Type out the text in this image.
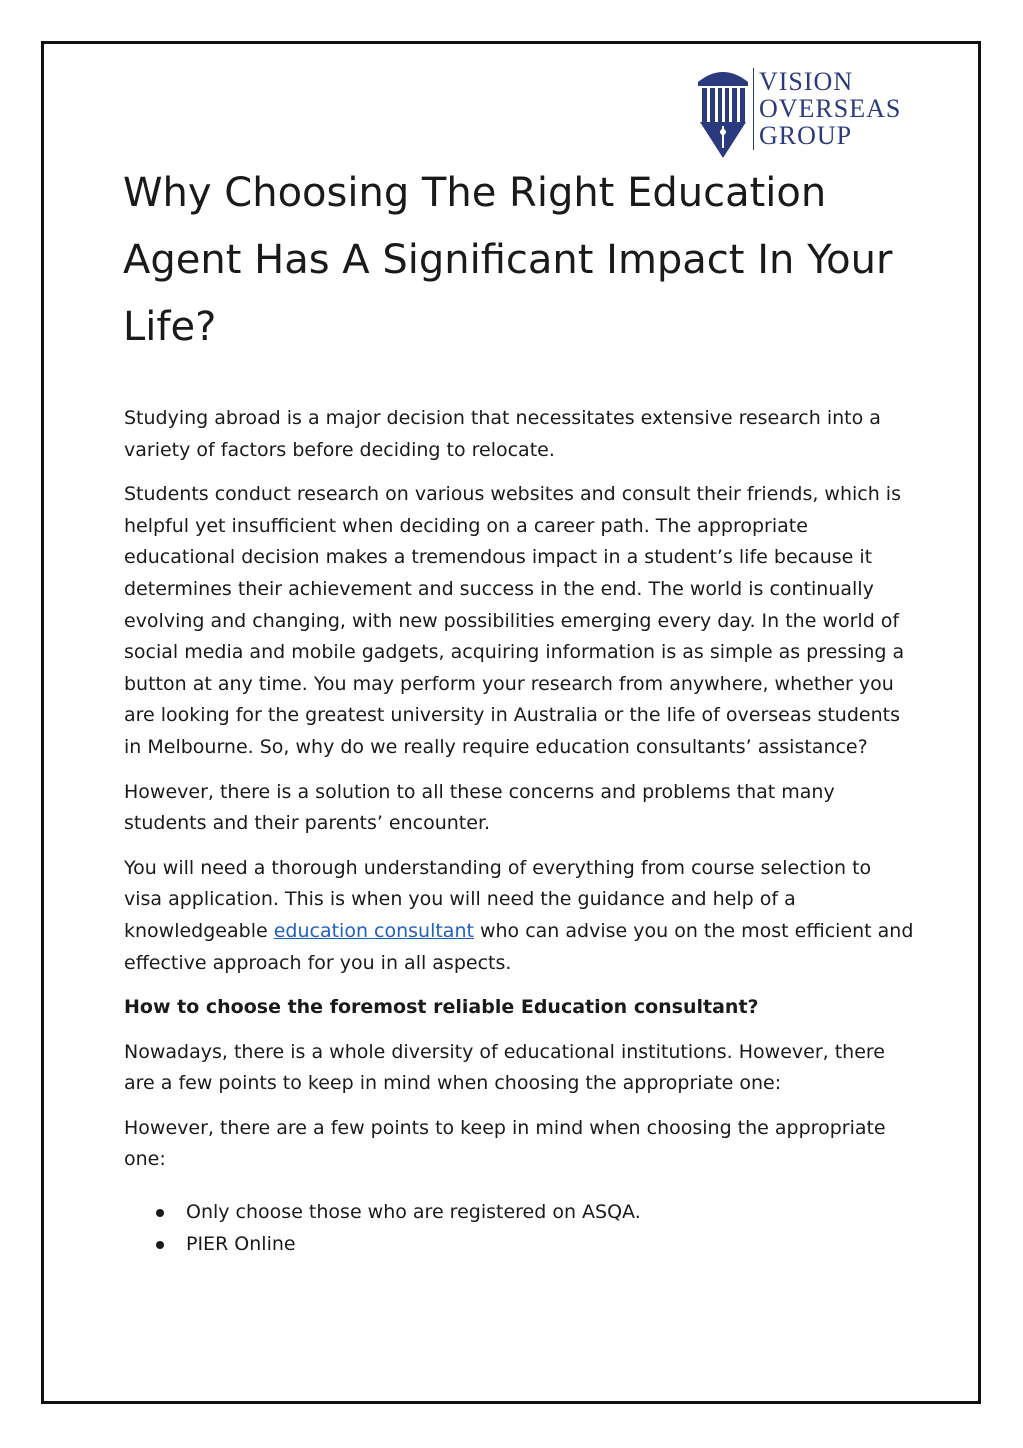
VISION
OVERSEAS
GROUP
Why Choosing The Right Education Agent Has A Significant Impact In Your Life?

Studying abroad is a major decision that necessitates extensive research into a variety of factors before deciding to relocate.

Students conduct research on various websites and consult their friends, which is helpful yet insufficient when deciding on a career path. The appropriate educational decision makes a tremendous impact in a student’s life because it determines their achievement and success in the end. The world is continually evolving and changing, with new possibilities emerging every day. In the world of social media and mobile gadgets, acquiring information is as simple as pressing a button at any time. You may perform your research from anywhere, whether you are looking for the greatest university in Australia or the life of overseas students in Melbourne. So, why do we really require education consultants’ assistance?

However, there is a solution to all these concerns and problems that many students and their parents’ encounter.

You will need a thorough understanding of everything from course selection to visa application. This is when you will need the guidance and help of a knowledgeable education consultant who can advise you on the most efficient and effective approach for you in all aspects.

How to choose the foremost reliable Education consultant?

Nowadays, there is a whole diversity of educational institutions. However, there are a few points to keep in mind when choosing the appropriate one:

However, there are a few points to keep in mind when choosing the appropriate one:

Only choose those who are registered on ASQA.
PIER Online
